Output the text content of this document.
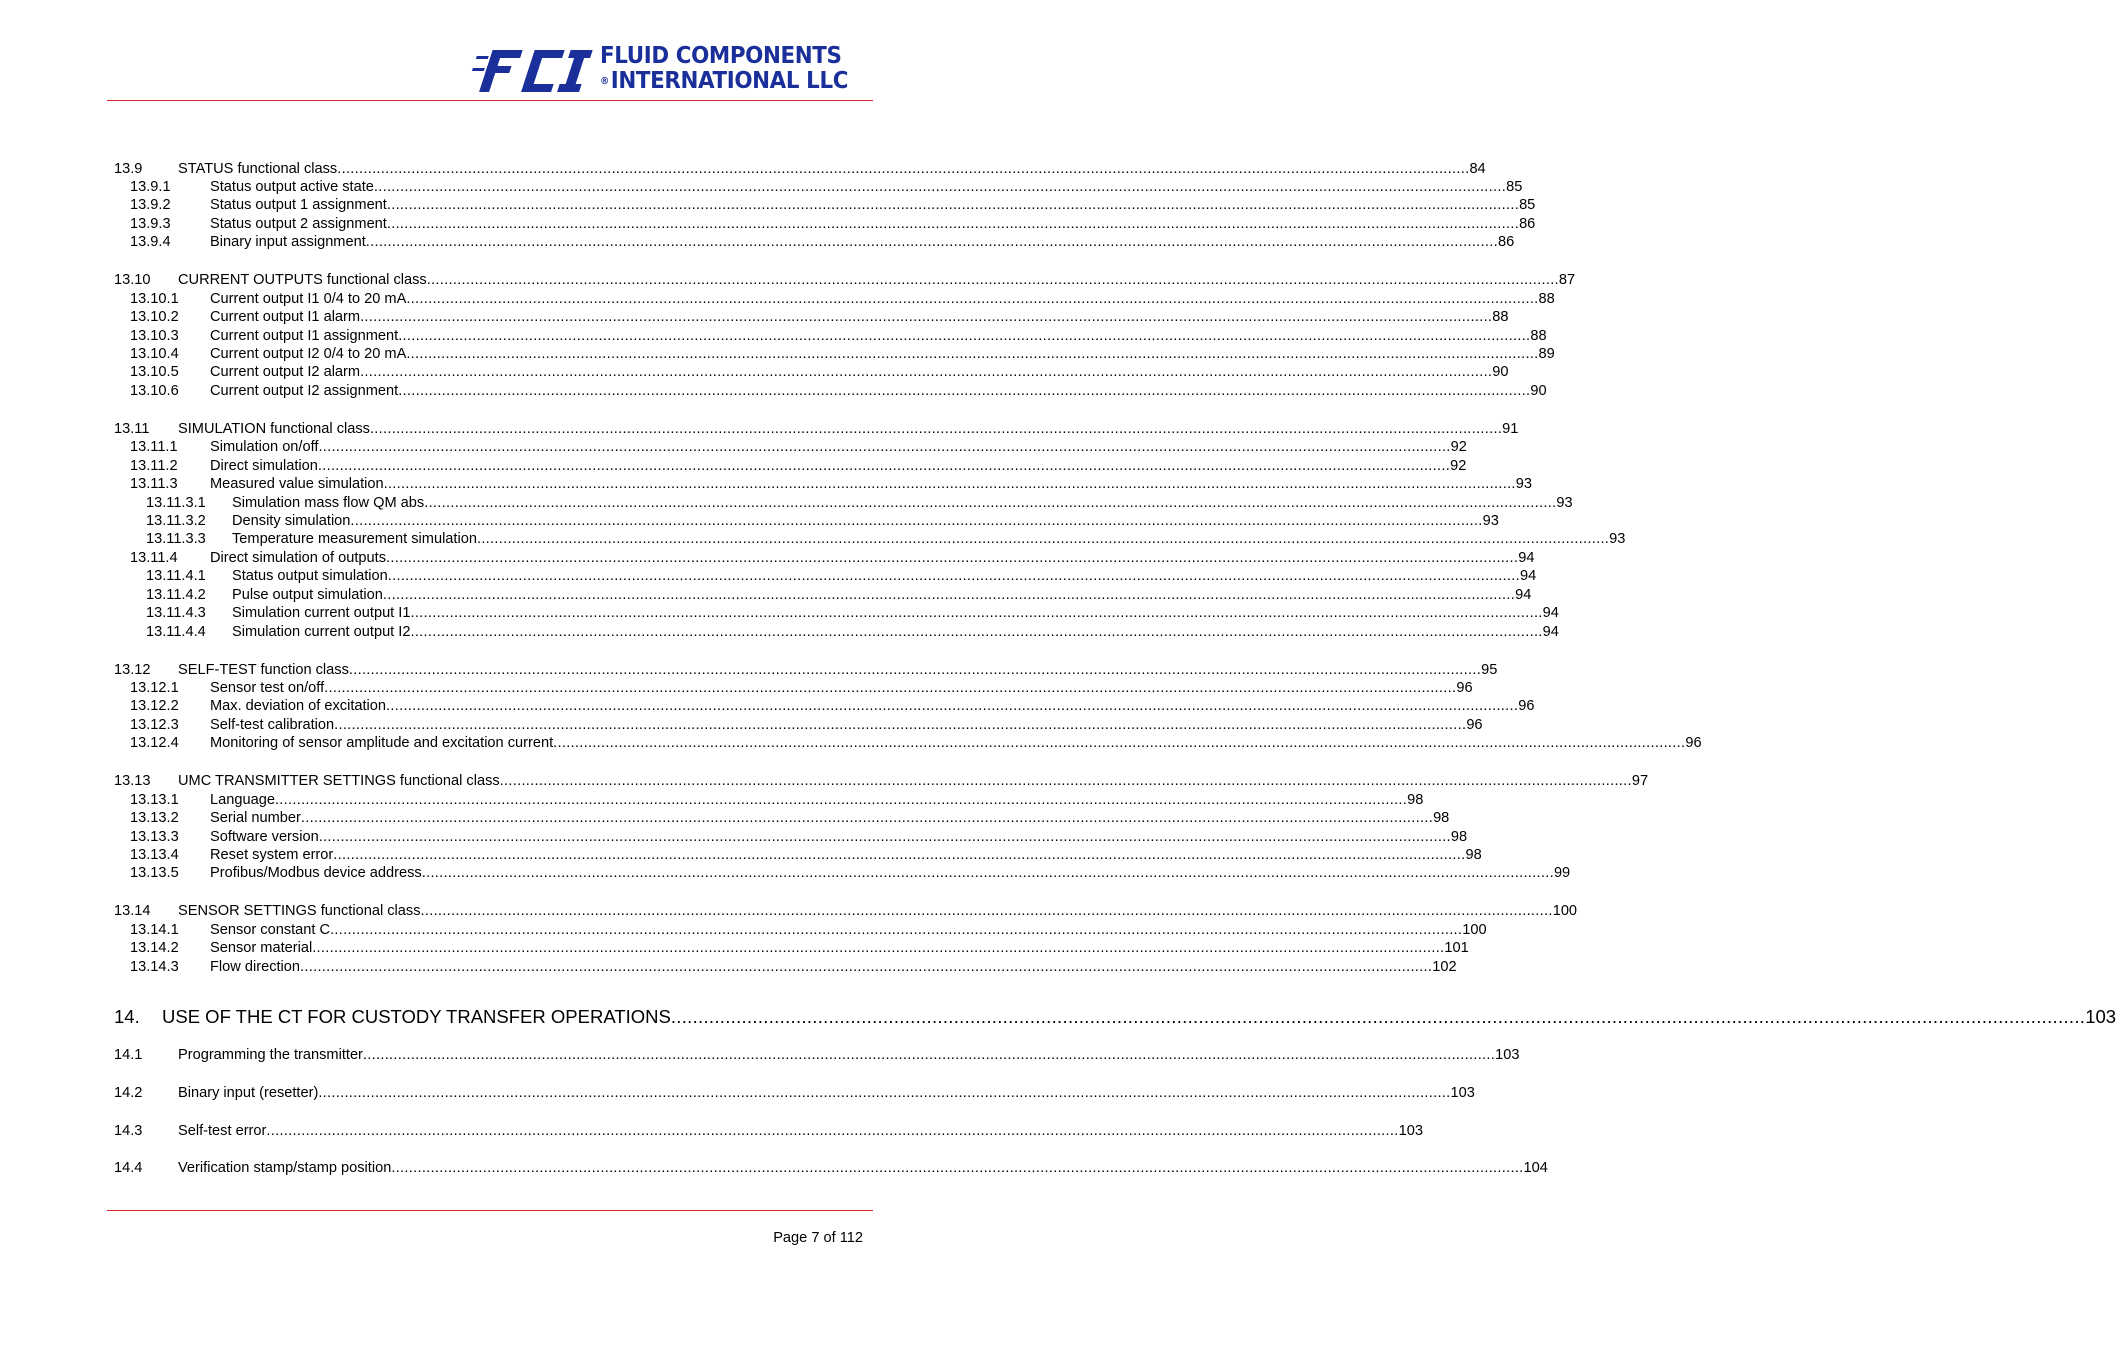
FLUID COMPONENTS
®INTERNATIONAL LLC
13.9 STATUS functional class .................................................................................................................................................................................................................................................................... 84
13.9.1	Status output active state .................................................................................................................................................................................................................................................................... 85
13.9.2	Status output 1 assignment .................................................................................................................................................................................................................................................................... 85
13.9.3	Status output 2 assignment .................................................................................................................................................................................................................................................................... 86
13.9.4	Binary input assignment .................................................................................................................................................................................................................................................................... 86
13.10 CURRENT OUTPUTS functional class .................................................................................................................................................................................................................................................................... 87
13.10.1 Current output I1 0/4 to 20 mA .................................................................................................................................................................................................................................................................... 88
13.10.2 Current output I1 alarm .................................................................................................................................................................................................................................................................... 88
13.10.3 Current output I1 assignment .................................................................................................................................................................................................................................................................... 88
13.10.4 Current output I2 0/4 to 20 mA .................................................................................................................................................................................................................................................................... 89
13.10.5 Current output I2 alarm .................................................................................................................................................................................................................................................................... 90
13.10.6 Current output I2 assignment .................................................................................................................................................................................................................................................................... 90
13.11 SIMULATION functional class .................................................................................................................................................................................................................................................................... 91
13.11.1 Simulation on/off .................................................................................................................................................................................................................................................................... 92
13.11.2 Direct simulation .................................................................................................................................................................................................................................................................... 92
13.11.3 Measured value simulation .................................................................................................................................................................................................................................................................... 93
13.11.3.1 Simulation mass flow QM abs .................................................................................................................................................................................................................................................................... 93
13.11.3.2 Density simulation .................................................................................................................................................................................................................................................................... 93
13.11.3.3 Temperature measurement simulation .................................................................................................................................................................................................................................................................... 93
13.11.4 Direct simulation of outputs .................................................................................................................................................................................................................................................................... 94
13.11.4.1 Status output simulation .................................................................................................................................................................................................................................................................... 94
13.11.4.2 Pulse output simulation .................................................................................................................................................................................................................................................................... 94
13.11.4.3 Simulation current output I1 .................................................................................................................................................................................................................................................................... 94
13.11.4.4 Simulation current output I2 .................................................................................................................................................................................................................................................................... 94
13.12 SELF-TEST function class .................................................................................................................................................................................................................................................................... 95
13.12.1 Sensor test on/off .................................................................................................................................................................................................................................................................... 96
13.12.2 Max. deviation of excitation .................................................................................................................................................................................................................................................................... 96
13.12.3 Self-test calibration .................................................................................................................................................................................................................................................................... 96
13.12.4 Monitoring of sensor amplitude and excitation current .................................................................................................................................................................................................................................................................... 96
13.13 UMC TRANSMITTER SETTINGS functional class .................................................................................................................................................................................................................................................................... 97
13.13.1 Language .................................................................................................................................................................................................................................................................... 98
13.13.2 Serial number .................................................................................................................................................................................................................................................................... 98
13.13.3 Software version .................................................................................................................................................................................................................................................................... 98
13.13.4 Reset system error .................................................................................................................................................................................................................................................................... 98
13.13.5 Profibus/Modbus device address .................................................................................................................................................................................................................................................................... 99
13.14 SENSOR SETTINGS functional class .................................................................................................................................................................................................................................................................... 100
13.14.1 Sensor constant C .................................................................................................................................................................................................................................................................... 100
13.14.2 Sensor material .................................................................................................................................................................................................................................................................... 101
13.14.3 Flow direction .................................................................................................................................................................................................................................................................... 102
14. USE OF THE CT FOR CUSTODY TRANSFER OPERATIONS .................................................................................................................................................................................................................................................................... 103
14.1 Programming the transmitter .................................................................................................................................................................................................................................................................... 103
14.2 Binary input (resetter) .................................................................................................................................................................................................................................................................... 103
14.3 Self-test error .................................................................................................................................................................................................................................................................... 103
14.4 Verification stamp/stamp position .................................................................................................................................................................................................................................................................... 104
Page 7 of 112
